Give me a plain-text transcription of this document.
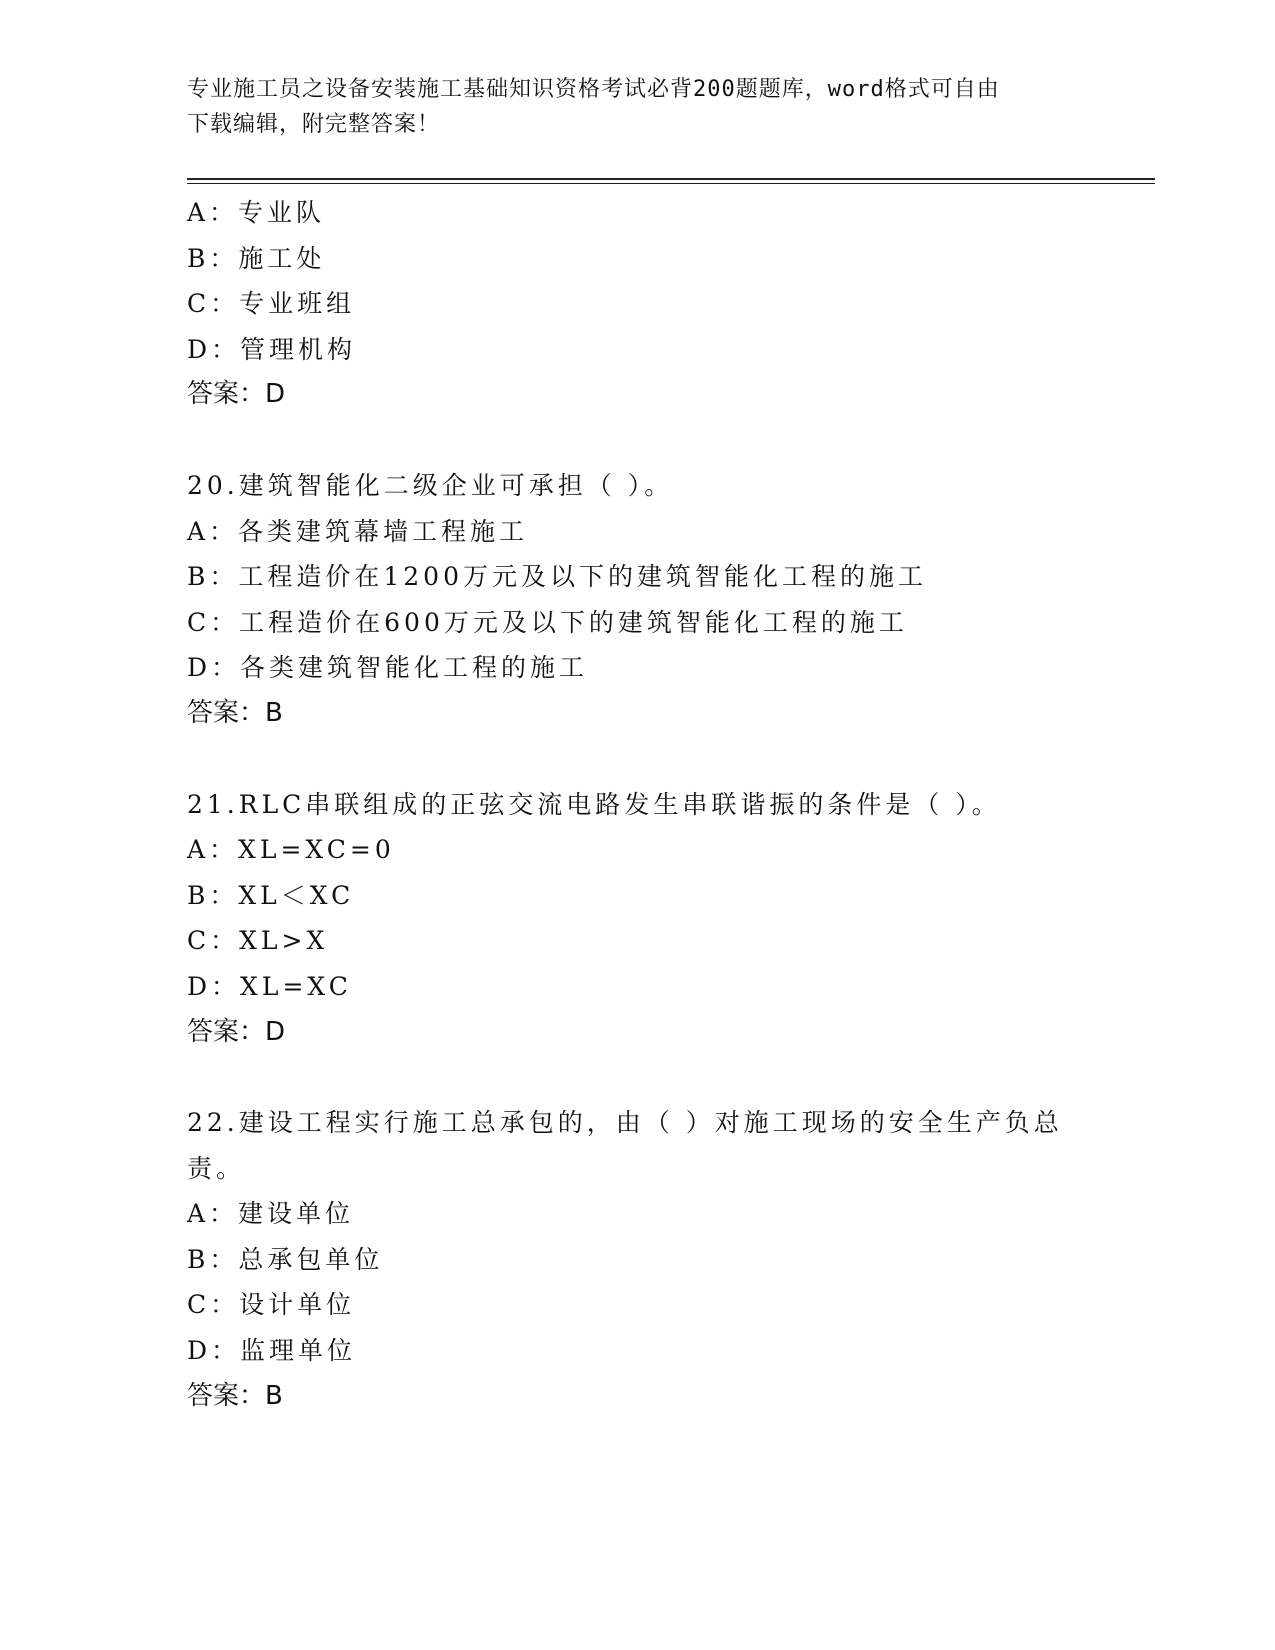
专业施工员之设备安装施工基础知识资格考试必背200题题库，word格式可自由
下载编辑，附完整答案！
A：专业队
B：施工处
C：专业班组
D：管理机构
答案：D
20.建筑智能化二级企业可承担（ ）。
A：各类建筑幕墙工程施工
B：工程造价在1200万元及以下的建筑智能化工程的施工
C：工程造价在600万元及以下的建筑智能化工程的施工
D：各类建筑智能化工程的施工
答案：B
21.RLC串联组成的正弦交流电路发生串联谐振的条件是（ ）。
A：XL=XC=0
B：XL＜XC
C：XL>X
D：XL=XC
答案：D
22.建设工程实行施工总承包的，由（ ）对施工现场的安全生产负总责。
A：建设单位
B：总承包单位
C：设计单位
D：监理单位
答案：B
